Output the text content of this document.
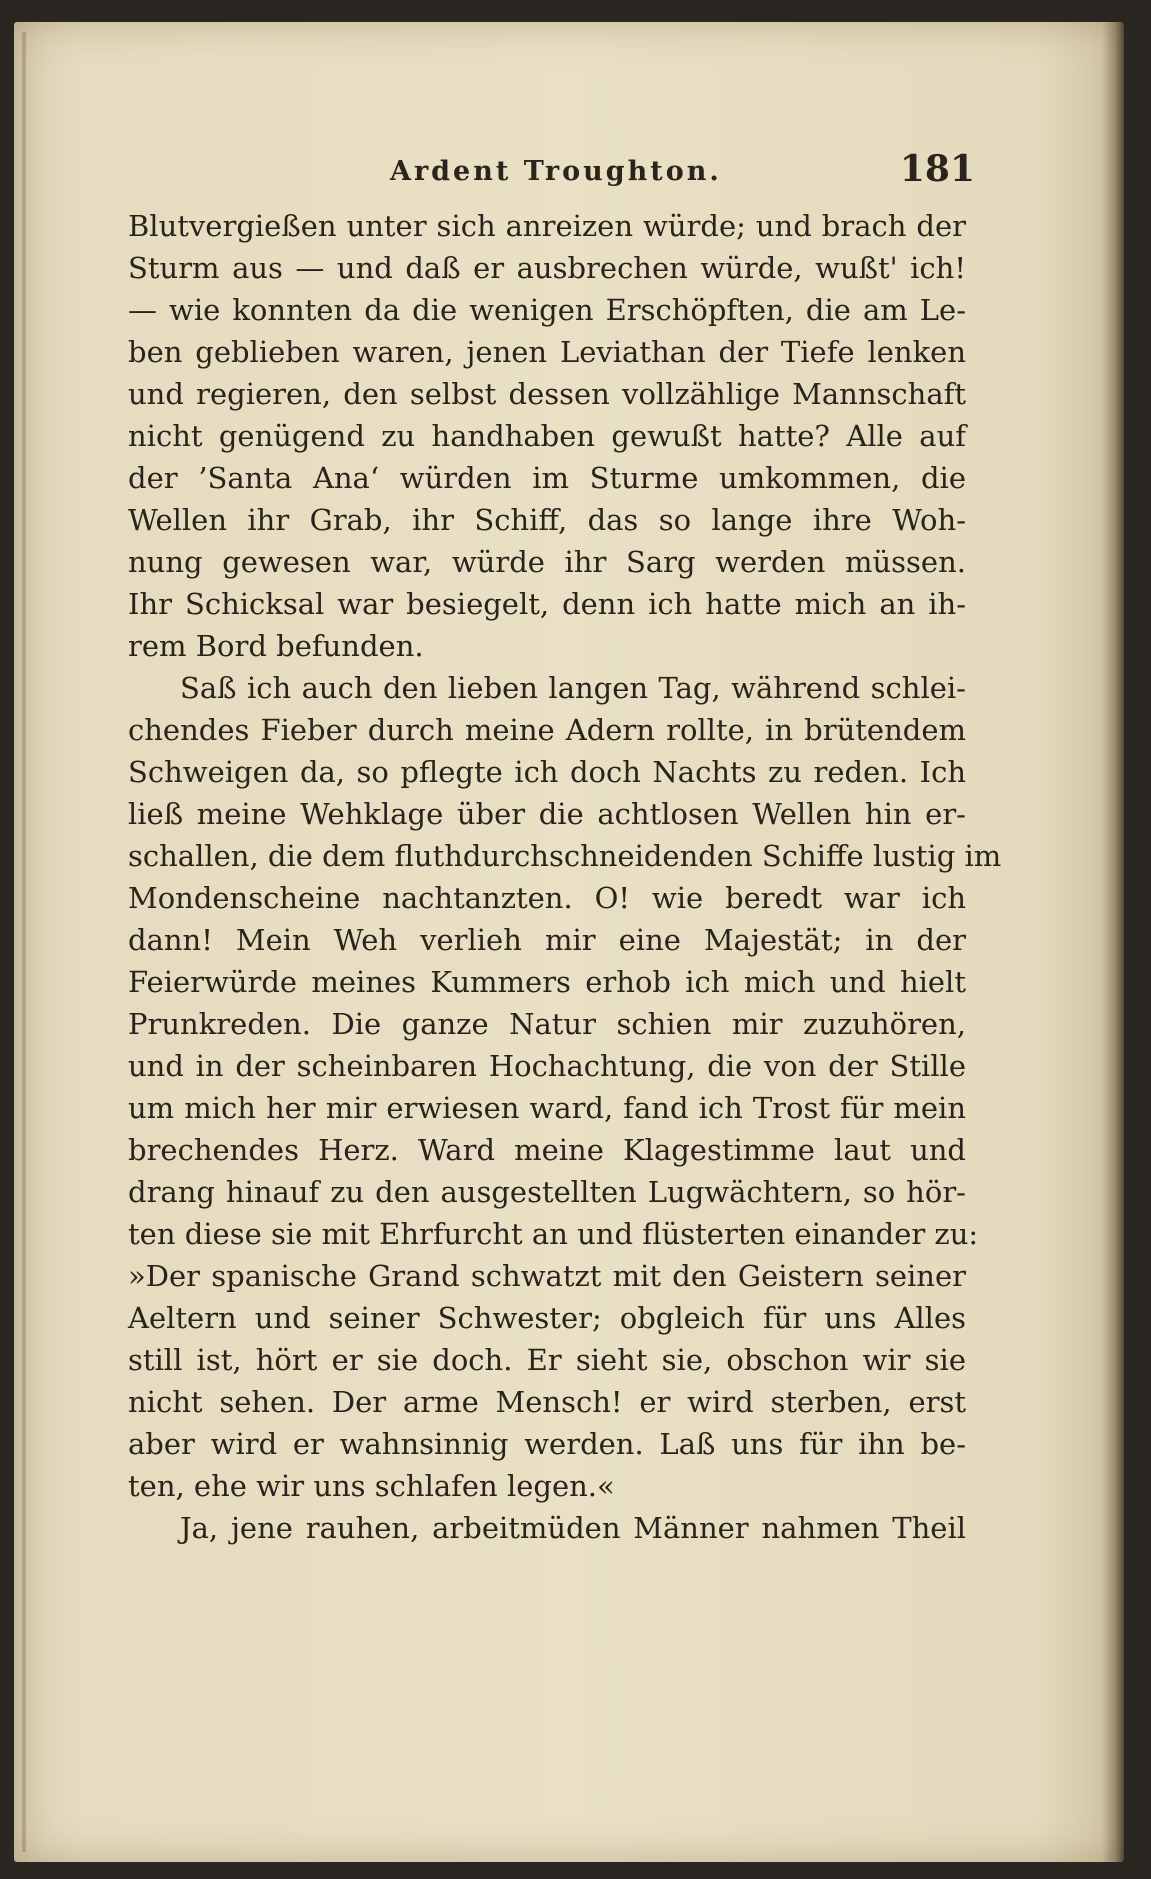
Ardent Troughton.	181
Blutvergießen unter sich anreizen würde; und brach der
Sturm aus — und daß er ausbrechen würde, wußt' ich!
— wie konnten da die wenigen Erschöpften, die am Le-
ben geblieben waren, jenen Leviathan der Tiefe lenken
und regieren, den selbst dessen vollzählige Mannschaft
nicht genügend zu handhaben gewußt hatte? Alle auf
der ’Santa Ana‘ würden im Sturme umkommen, die
Wellen ihr Grab, ihr Schiff, das so lange ihre Woh-
nung gewesen war, würde ihr Sarg werden müssen.
Ihr Schicksal war besiegelt, denn ich hatte mich an ih-
rem Bord befunden.
Saß ich auch den lieben langen Tag, während schlei-
chendes Fieber durch meine Adern rollte, in brütendem
Schweigen da, so pflegte ich doch Nachts zu reden. Ich
ließ meine Wehklage über die achtlosen Wellen hin er-
schallen, die dem fluthdurchschneidenden Schiffe lustig im
Mondenscheine nachtanzten. O! wie beredt war ich
dann! Mein Weh verlieh mir eine Majestät; in der
Feierwürde meines Kummers erhob ich mich und hielt
Prunkreden. Die ganze Natur schien mir zuzuhören,
und in der scheinbaren Hochachtung, die von der Stille
um mich her mir erwiesen ward, fand ich Trost für mein
brechendes Herz. Ward meine Klagestimme laut und
drang hinauf zu den ausgestellten Lugwächtern, so hör-
ten diese sie mit Ehrfurcht an und flüsterten einander zu:
»Der spanische Grand schwatzt mit den Geistern seiner
Aeltern und seiner Schwester; obgleich für uns Alles
still ist, hört er sie doch. Er sieht sie, obschon wir sie
nicht sehen. Der arme Mensch! er wird sterben, erst
aber wird er wahnsinnig werden. Laß uns für ihn be-
ten, ehe wir uns schlafen legen.«
Ja, jene rauhen, arbeitmüden Männer nahmen Theil
